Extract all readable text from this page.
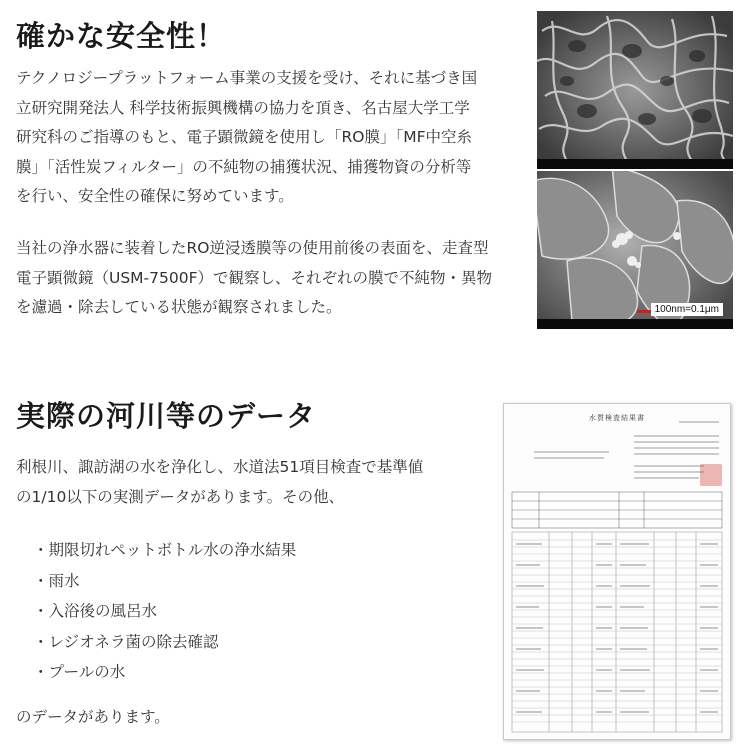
確かな安全性！

テクノロジープラットフォーム事業の支援を受け、それに基づき国
立研究開発法人 科学技術振興機構の協力を頂き、名古屋大学工学
研究科のご指導のもと、電子顕微鏡を使用し「RO膜」「MF中空糸
膜」「活性炭フィルター」の不純物の捕獲状況、捕獲物資の分析等
を行い、安全性の確保に努めています。

当社の浄水器に装着したRO逆浸透膜等の使用前後の表面を、走査型
電子顕微鏡（USM-7500F）で観察し、それぞれの膜で不純物・異物
を濾過・除去している状態が観察されました。	100nm=0.1μm
実際の河川等のデータ

利根川、諏訪湖の水を浄化し、水道法51項目検査で基準値
の1/10以下の実測データがあります。その他、

・期限切れペットボトル水の浄水結果
・雨水
・入浴後の風呂水
・レジオネラ菌の除去確認
・プールの水

のデータがあります。

水質検査結果書
